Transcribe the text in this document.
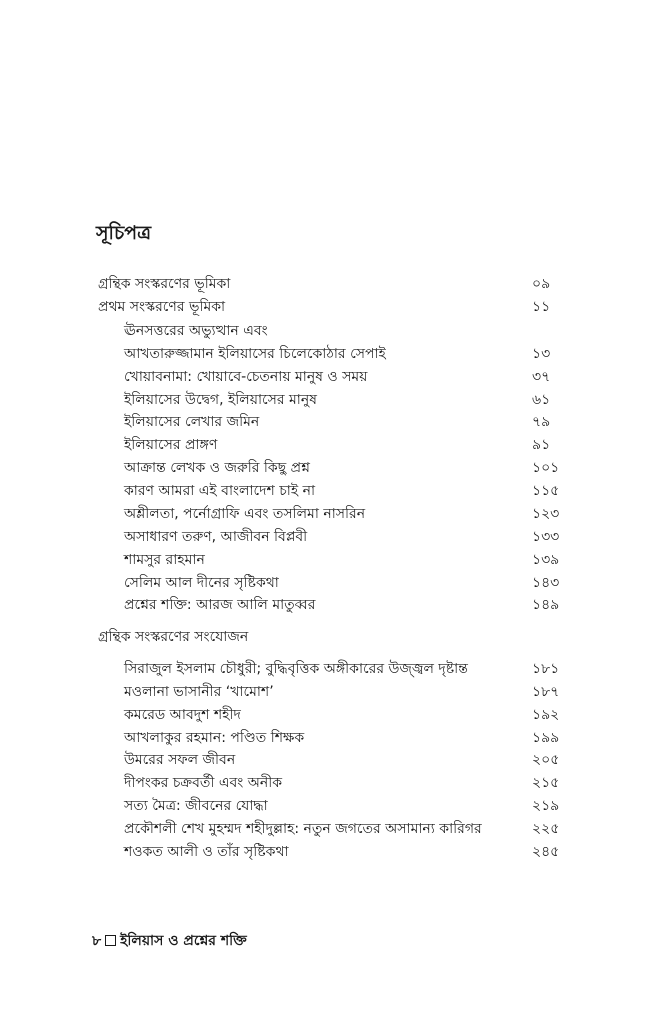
সূচিপত্র
গ্রন্থিক সংস্করণের ভূমিকা	০৯
প্রথম সংস্করণের ভূমিকা	১১
ঊনসত্তরের অভ্যুত্থান এবং
আখতারুজ্জামান ইলিয়াসের চিলেকোঠার সেপাই	১৩
খোয়াবনামা: খোয়াবে-চেতনায় মানুষ ও সময়	৩৭
ইলিয়াসের উদ্বেগ, ইলিয়াসের মানুষ	৬১
ইলিয়াসের লেখার জমিন	৭৯
ইলিয়াসের প্রাঙ্গণ	৯১
আক্রান্ত লেখক ও জরুরি কিছু প্রশ্ন	১০১
কারণ আমরা এই বাংলাদেশ চাই না	১১৫
অশ্লীলতা, পর্নোগ্রাফি এবং তসলিমা নাসরিন	১২৩
অসাধারণ তরুণ, আজীবন বিপ্লবী	১৩৩
শামসুর রাহমান	১৩৯
সেলিম আল দীনের সৃষ্টিকথা	১৪৩
প্রশ্নের শক্তি: আরজ আলি মাতুব্বর	১৪৯
গ্রন্থিক সংস্করণের সংযোজন
সিরাজুল ইসলাম চৌধুরী; বুদ্ধিবৃত্তিক অঙ্গীকারের উজ্জ্বল দৃষ্টান্ত	১৮১
মওলানা ভাসানীর ‘খামোশ’	১৮৭
কমরেড আবদুশ শহীদ	১৯২
আখলাকুর রহমান: পণ্ডিত শিক্ষক	১৯৯
উমরের সফল জীবন	২০৫
দীপংকর চক্রবর্তী এবং অনীক	২১৫
সত্য মৈত্র: জীবনের যোদ্ধা	২১৯
প্রকৌশলী শেখ মুহম্মদ শহীদুল্লাহ: নতুন জগতের অসামান্য কারিগর	২২৫
শওকত আলী ও তাঁর সৃষ্টিকথা	২৪৫
৮ ইলিয়াস ও প্রশ্নের শক্তি
